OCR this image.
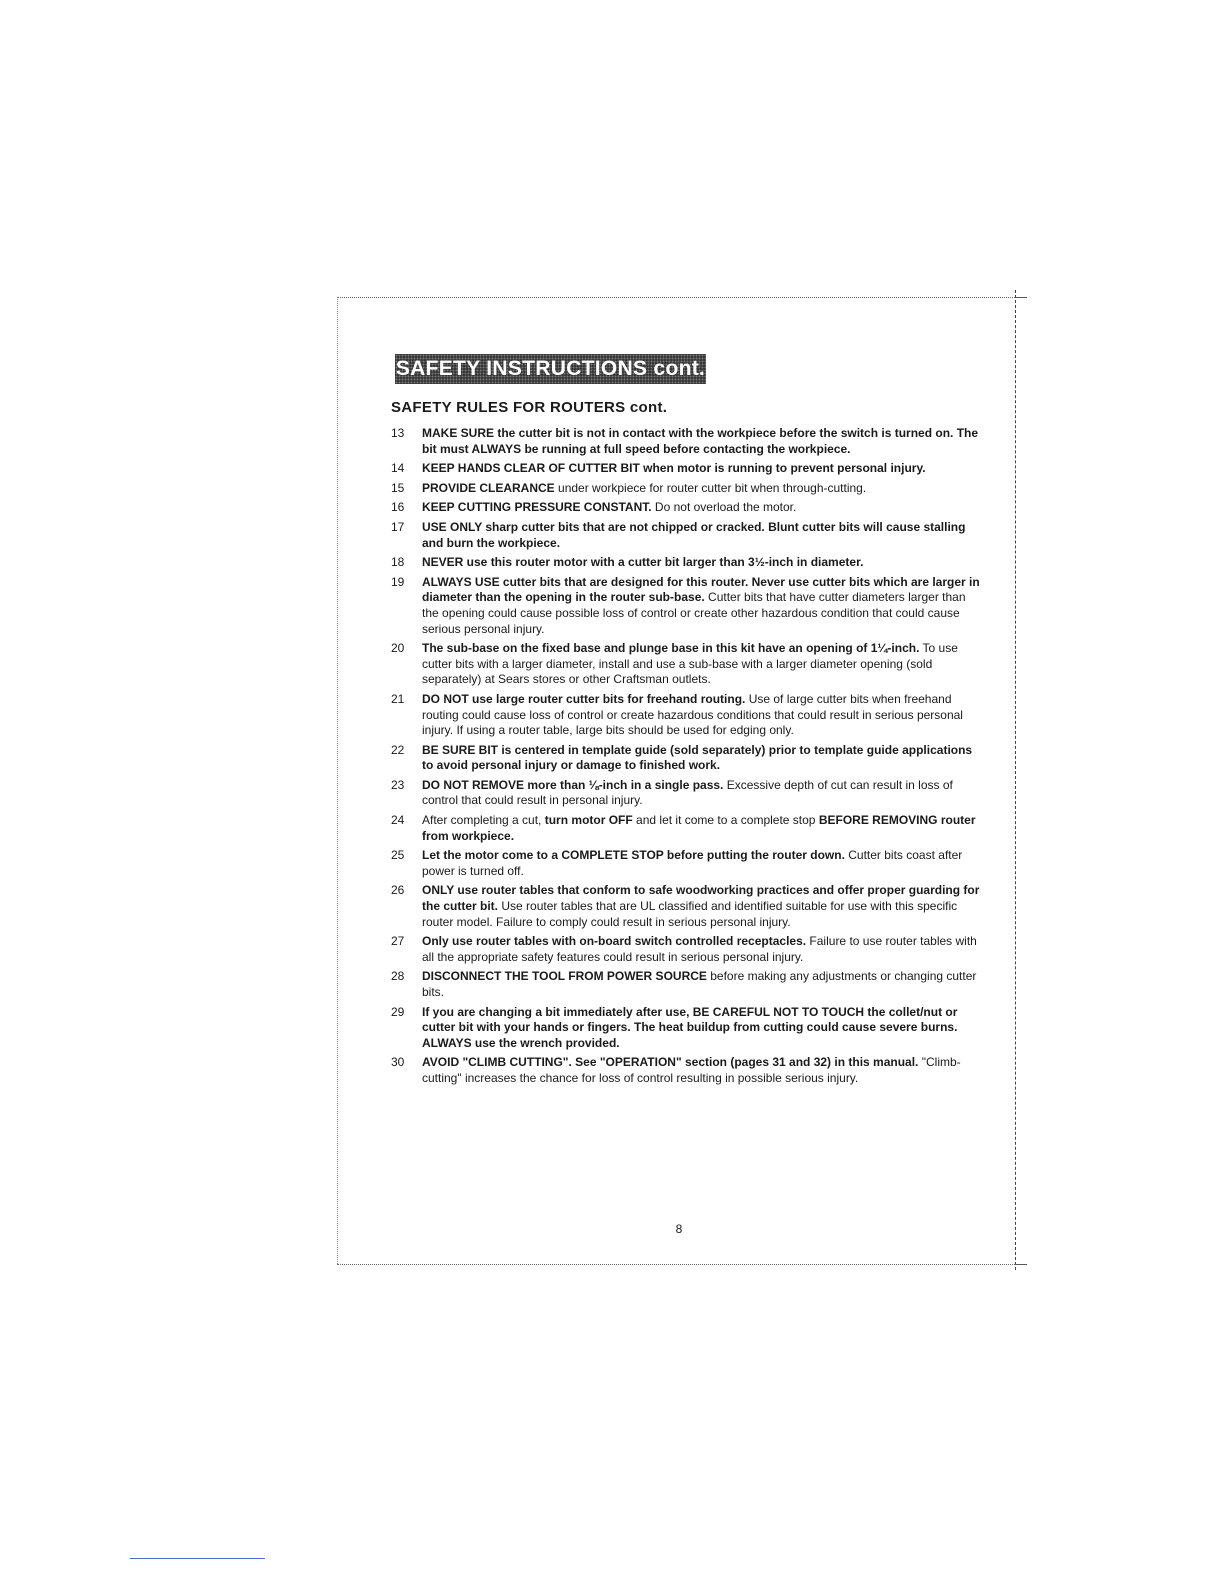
SAFETY INSTRUCTIONS cont.
SAFETY RULES FOR ROUTERS cont.
13	MAKE SURE the cutter bit is not in contact with the workpiece before the switch is turned on. The bit must ALWAYS be running at full speed before contacting the workpiece.
14	KEEP HANDS CLEAR OF CUTTER BIT when motor is running to prevent personal injury.
15	PROVIDE CLEARANCE under workpiece for router cutter bit when through-cutting.
16	KEEP CUTTING PRESSURE CONSTANT. Do not overload the motor.
17	USE ONLY sharp cutter bits that are not chipped or cracked. Blunt cutter bits will cause stalling and burn the workpiece.
18	NEVER use this router motor with a cutter bit larger than 3½-inch in diameter.
19	ALWAYS USE cutter bits that are designed for this router. Never use cutter bits which are larger in diameter than the opening in the router sub-base. Cutter bits that have cutter diameters larger than the opening could cause possible loss of control or create other hazardous condition that could cause serious personal injury.
20	The sub-base on the fixed base and plunge base in this kit have an opening of 1¼-inch. To use cutter bits with a larger diameter, install and use a sub-base with a larger diameter opening (sold separately) at Sears stores or other Craftsman outlets.
21	DO NOT use large router cutter bits for freehand routing. Use of large cutter bits when freehand routing could cause loss of control or create hazardous conditions that could result in serious personal injury. If using a router table, large bits should be used for edging only.
22	BE SURE BIT is centered in template guide (sold separately) prior to template guide applications to avoid personal injury or damage to finished work.
23	DO NOT REMOVE more than ⅛-inch in a single pass. Excessive depth of cut can result in loss of control that could result in personal injury.
24	After completing a cut, turn motor OFF and let it come to a complete stop BEFORE REMOVING router from workpiece.
25	Let the motor come to a COMPLETE STOP before putting the router down. Cutter bits coast after power is turned off.
26	ONLY use router tables that conform to safe woodworking practices and offer proper guarding for the cutter bit. Use router tables that are UL classified and identified suitable for use with this specific router model. Failure to comply could result in serious personal injury.
27	Only use router tables with on-board switch controlled receptacles. Failure to use router tables with all the appropriate safety features could result in serious personal injury.
28	DISCONNECT THE TOOL FROM POWER SOURCE before making any adjustments or changing cutter bits.
29	If you are changing a bit immediately after use, BE CAREFUL NOT TO TOUCH the collet/nut or cutter bit with your hands or fingers. The heat buildup from cutting could cause severe burns. ALWAYS use the wrench provided.
30	AVOID "CLIMB CUTTING". See "OPERATION" section (pages 31 and 32) in this manual. "Climb-cutting" increases the chance for loss of control resulting in possible serious injury.
8
